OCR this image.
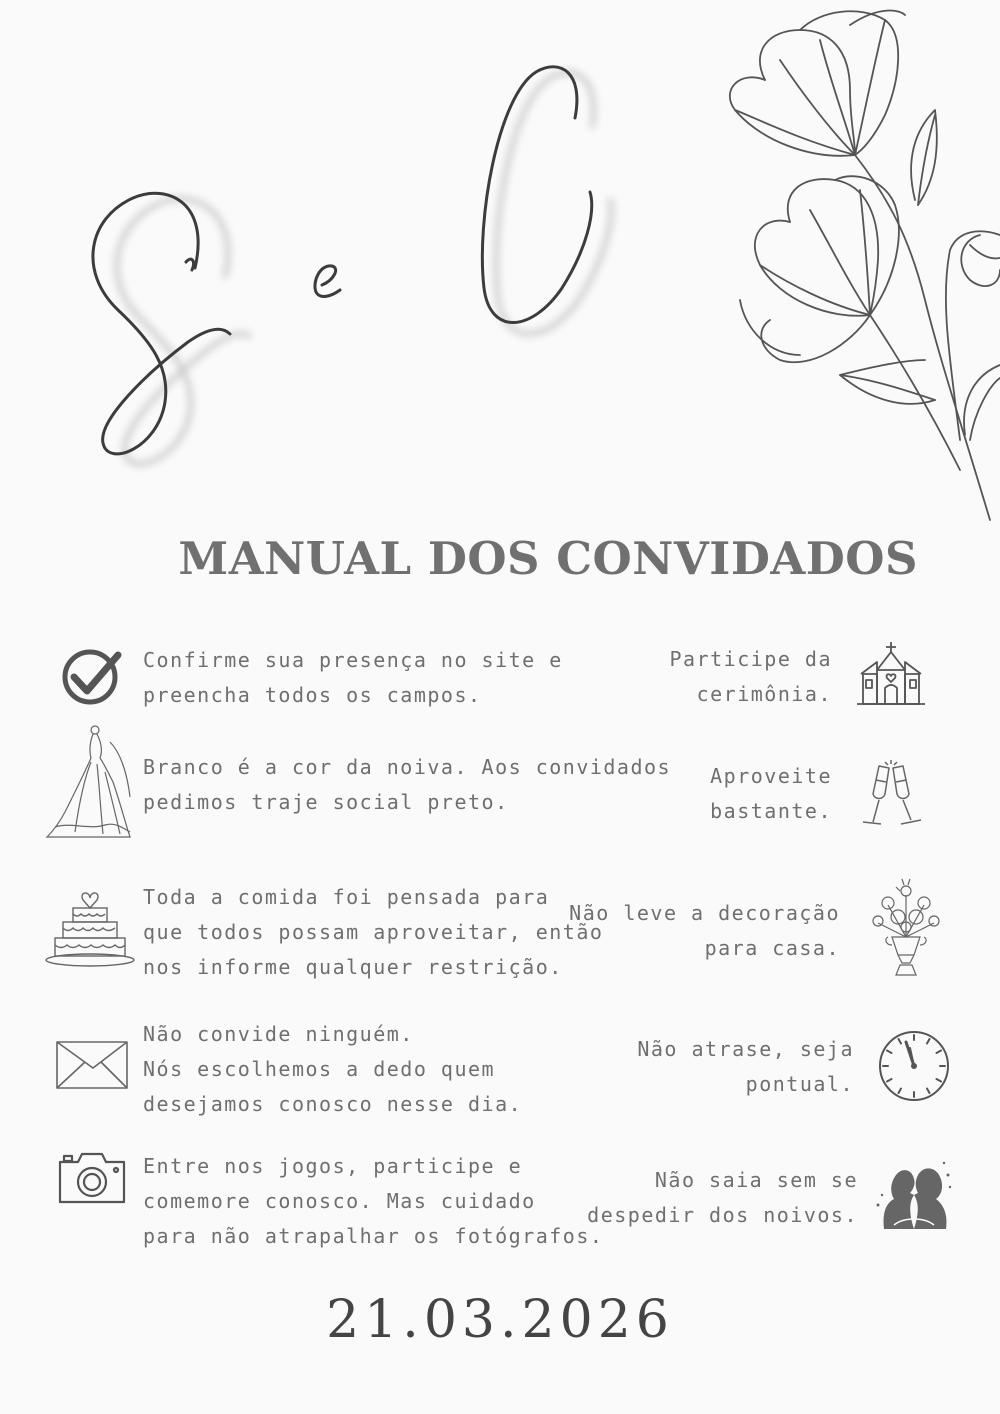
MANUAL DOS CONVIDADOS
Confirme sua presença no site e
preencha todos os campos.
Branco é a cor da noiva. Aos convidados
pedimos traje social preto.
Toda a comida foi pensada para
que todos possam aproveitar, então
nos informe qualquer restrição.
Não convide ninguém.
Nós escolhemos a dedo quem
desejamos conosco nesse dia.
Entre nos jogos, participe e
comemore conosco. Mas cuidado
para não atrapalhar os fotógrafos.
Participe da
cerimônia.
Aproveite
bastante.
Não leve a decoração
para casa.
Não atrase, seja
pontual.
Não saia sem se
despedir dos noivos.
21.03.2026
